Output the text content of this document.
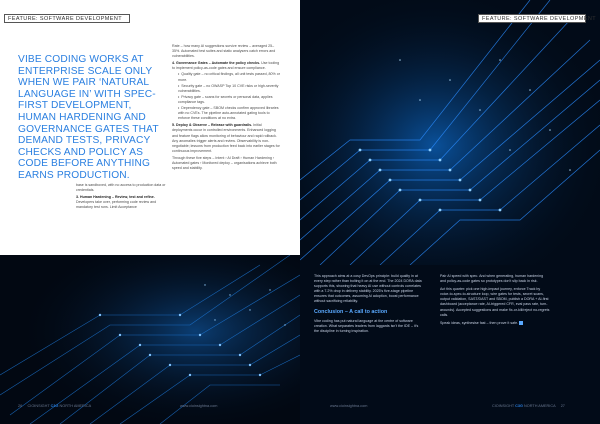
FEATURE: SOFTWARE DEVELOPMENT
VIBE CODING WORKS AT ENTERPRISE SCALE ONLY WHEN WE PAIR ‘NATURAL LANGUAGE IN’ WITH SPEC-FIRST DEVELOPMENT, HUMAN HARDENING AND GOVERNANCE GATES THAT DEMAND TESTS, PRIVACY CHECKS AND POLICY AS CODE BEFORE ANYTHING EARNS PRODUCTION.

base is sandboxed, with no access to production data or credentials.

3. Human Hardening – Review, test and refine. Developers take over, performing code review and mandatory test runs. Limit Acceptance

Rate – how many AI suggestions survive review – averaged 25–35%. Automated test suites and static analysers catch errors and vulnerabilities.

4. Governance Gates – Automate the policy checks. Use tooling to implement policy-as-code gates and ensure compliance.
• Quality gate – no critical findings, all unit tests passed, 80% or more.
• Security gate – no OWASP Top 10 CVE risks or high-severity vulnerabilities.
• Privacy gate – scans for secrets or personal data, applies compliance tags.
• Dependency gate – SBOM checks confirm approved libraries with no CVEs. The pipeline auto-annotated gating tools to enforce these conditions at no extra.
5. Deploy & Observe – Release with guardrails. Initial deployments occur in controlled environments. Enhanced logging and feature flags allow monitoring of behaviour and rapid rollback. Any anomalies trigger alerts and review. Observability is non-negotiable; lessons from production feed back into earlier stages for continuous improvement.

Through these five steps – Intent › AI Draft › Human Hardening › Automated gates › Monitored deploy – organisations achieve both speed and stability.

26 CIOINSIGHT C3G NORTH AMERICA	www.cioinsightna.com

This approach aims at a cosy DevOps principle: build quality in at every step rather than bolting it on at the end. The 2024 DORA data supports this, showing that heavy AI use without controls correlates with a 7.2% drop in delivery stability. 2025's five-stage pipeline ensures that outcomes, assuming AI adoption, boost performance without sacrificing reliability.

Conclusion – A call to action

Vibe coding has put natural language at the centre of software creation. What separates leaders from laggards isn't the IDE – it's the discipline in turning inspiration.

Pair AI speed with spec. And when generating, human hardening and policy-as-code gates so prototypes don't slip back in risk.

Act this quarter: pick one high-impact journey, enforce Track by voice-to-spec-to-structure loop, wire gates for tests, secret scans, output validation, SAST/DAST and SBOM, publish a DORA + AI-first dashboard (acceptance rate, AI-triggered CFR, eval pass rate, turn-arounds). Accepted suggestions and make fix-or-kill/reject no-regrets calls.

Speak ideas, synthesise fast – then prove it safe.

FEATURE: SOFTWARE DEVELOPMENT
www.cioinsightna.com	CIOINSIGHT C3G NORTH AMERICA 27
